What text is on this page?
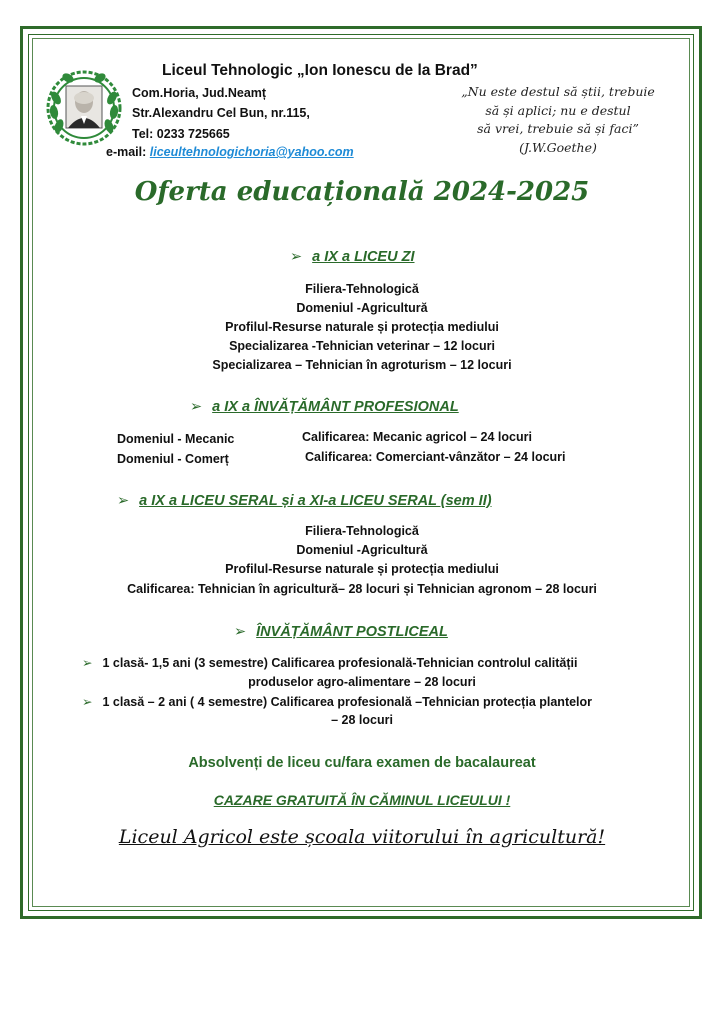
Liceul Tehnologic „Ion Ionescu de la Brad”
Com.Horia, Jud.Neamț
Str.Alexandru Cel Bun, nr.115,
Tel: 0233 725665
e-mail: liceultehnologichoria@yahoo.com
„Nu este destul să știi, trebuie
să și aplici; nu e destul
să vrei, trebuie să și faci”
(J.W.Goethe)
Oferta educațională 2024-2025
➢ a IX a LICEU ZI
Filiera-Tehnologică
Domeniul -Agricultură
Profilul-Resurse naturale și protecția mediului
Specializarea -Tehnician veterinar – 12 locuri
Specializarea – Tehnician în agroturism – 12 locuri
➢ a IX a ÎNVĂȚĂMÂNT PROFESIONAL
Domeniul - Mecanic	Calificarea: Mecanic agricol – 24 locuri
Domeniul - Comerț	Calificarea: Comerciant-vânzător – 24 locuri
➢ a IX a LICEU SERAL și a XI-a LICEU SERAL (sem II)
Filiera-Tehnologică
Domeniul -Agricultură
Profilul-Resurse naturale și protecția mediului
Calificarea: Tehnician în agricultură– 28 locuri și Tehnician agronom – 28 locuri
➢ ÎNVĂȚĂMÂNT POSTLICEAL
➢ 1 clasă- 1,5 ani (3 semestre) Calificarea profesională-Tehnician controlul calității
produselor agro-alimentare – 28 locuri
➢ 1 clasă – 2 ani ( 4 semestre) Calificarea profesională –Tehnician protecția plantelor
– 28 locuri
Absolvenți de liceu cu/fara examen de bacalaureat
CAZARE GRATUITĂ ÎN CĂMINUL LICEULUI !
Liceul Agricol este școala viitorului în agricultură!
